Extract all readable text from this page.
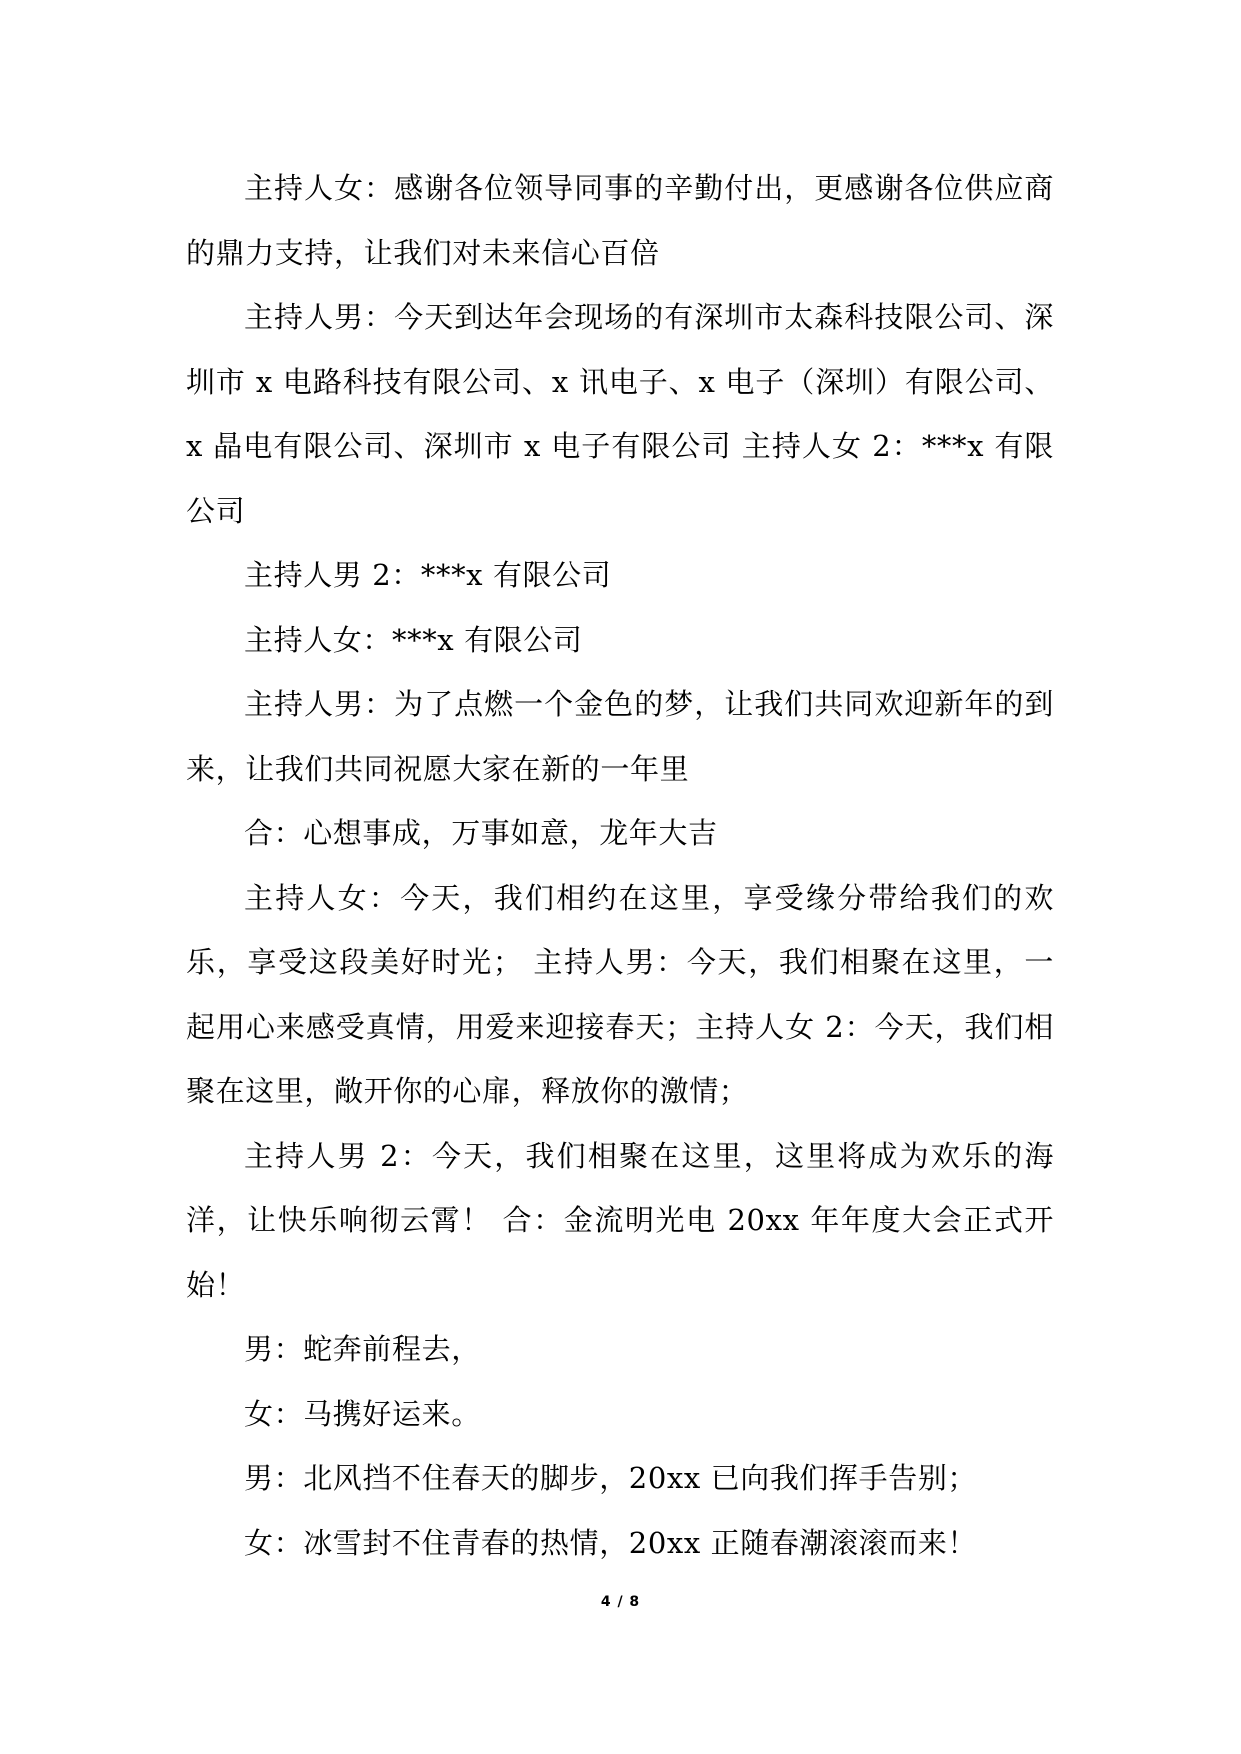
主持人女：感谢各位领导同事的辛勤付出，更感谢各位供应商的鼎力支持，让我们对未来信心百倍

主持人男：今天到达年会现场的有深圳市太森科技限公司、深圳市 x 电路科技有限公司、x 讯电子、x 电子（深圳）有限公司、x 晶电有限公司、深圳市 x 电子有限公司 主持人女 2：***x 有限公司

主持人男 2：***x 有限公司

主持人女：***x 有限公司

主持人男：为了点燃一个金色的梦，让我们共同欢迎新年的到来，让我们共同祝愿大家在新的一年里

合：心想事成，万事如意，龙年大吉

主持人女：今天，我们相约在这里，享受缘分带给我们的欢乐，享受这段美好时光； 主持人男：今天，我们相聚在这里，一起用心来感受真情，用爱来迎接春天；主持人女 2：今天，我们相聚在这里，敞开你的心扉，释放你的激情；

主持人男 2：今天，我们相聚在这里，这里将成为欢乐的海洋，让快乐响彻云霄！ 合：金流明光电 20xx 年年度大会正式开始！

男：蛇奔前程去，

女：马携好运来。

男：北风挡不住春天的脚步，20xx 已向我们挥手告别；

女：冰雪封不住青春的热情，20xx 正随春潮滚滚而来！

4 / 8
